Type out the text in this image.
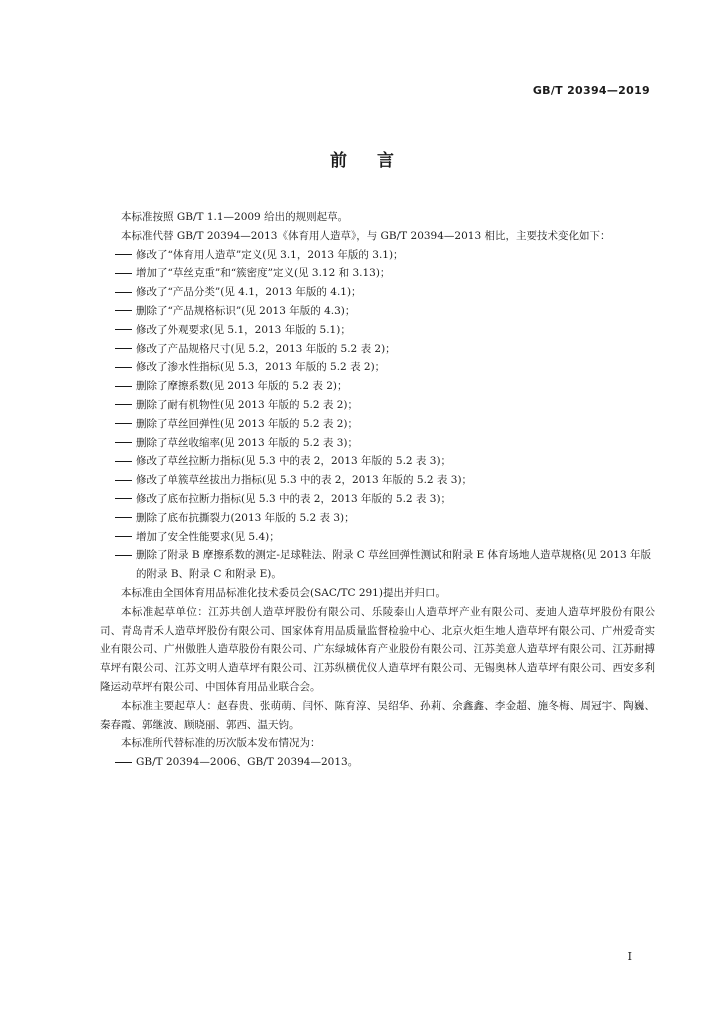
GB/T 20394—2019
前言

本标准按照 GB/T 1.1—2009 给出的规则起草。

本标准代替 GB/T 20394—2013《体育用人造草》，与 GB/T 20394—2013 相比，主要技术变化如下：

修改了“体育用人造草”定义(见 3.1，2013 年版的 3.1)；

增加了“草丝克重”和“簇密度”定义(见 3.12 和 3.13)；

修改了“产品分类”(见 4.1，2013 年版的 4.1)；

删除了“产品规格标识”(见 2013 年版的 4.3)；

修改了外观要求(见 5.1，2013 年版的 5.1)；

修改了产品规格尺寸(见 5.2，2013 年版的 5.2 表 2)；

修改了渗水性指标(见 5.3，2013 年版的 5.2 表 2)；

删除了摩擦系数(见 2013 年版的 5.2 表 2)；

删除了耐有机物性(见 2013 年版的 5.2 表 2)；

删除了草丝回弹性(见 2013 年版的 5.2 表 2)；

删除了草丝收缩率(见 2013 年版的 5.2 表 3)；

修改了草丝拉断力指标(见 5.3 中的表 2，2013 年版的 5.2 表 3)；

修改了单簇草丝拔出力指标(见 5.3 中的表 2，2013 年版的 5.2 表 3)；

修改了底布拉断力指标(见 5.3 中的表 2，2013 年版的 5.2 表 3)；

删除了底布抗撕裂力(2013 年版的 5.2 表 3)；

增加了安全性能要求(见 5.4)；

删除了附录 B 摩擦系数的测定-足球鞋法、附录 C 草丝回弹性测试和附录 E 体育场地人造草规格(见 2013 年版的附录 B、附录 C 和附录 E)。

本标准由全国体育用品标准化技术委员会(SAC/TC 291)提出并归口。

本标准起草单位：江苏共创人造草坪股份有限公司、乐陵泰山人造草坪产业有限公司、麦迪人造草坪股份有限公司、青岛青禾人造草坪股份有限公司、国家体育用品质量监督检验中心、北京火炬生地人造草坪有限公司、广州爱奇实业有限公司、广州傲胜人造草股份有限公司、广东绿城体育产业股份有限公司、江苏美意人造草坪有限公司、江苏耐搏草坪有限公司、江苏文明人造草坪有限公司、江苏纵横优仪人造草坪有限公司、无锡奥林人造草坪有限公司、西安多利隆运动草坪有限公司、中国体育用品业联合会。

本标准主要起草人：赵春贵、张萌萌、闫怀、陈育淳、吴绍华、孙莉、余鑫鑫、李金超、施冬梅、周冠宇、陶巍、秦春霞、郭继波、顾晓丽、郭西、温天钧。

本标准所代替标准的历次版本发布情况为：

GB/T 20394—2006、GB/T 20394—2013。

I
